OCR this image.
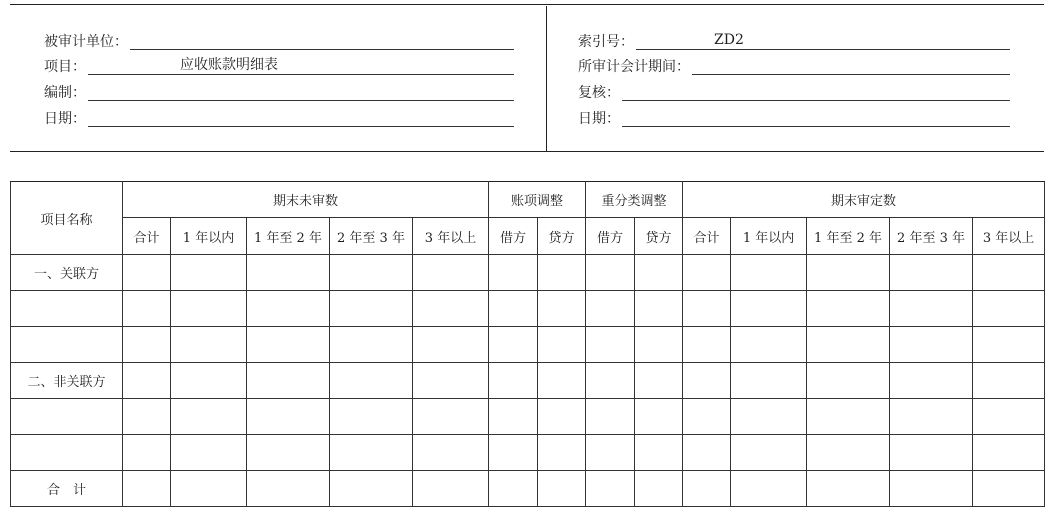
被审计单位：
项目：	应收账款明细表
编制：
日期：
索引号：	ZD2
所审计会计期间：
复核：
日期：
项目名称	期末未审数					账项调整		重分类调整		期末审定数				
	合计	1 年以内	1 年至 2 年	2 年至 3 年	3 年以上	借方	贷方	借方	贷方	合计	1 年以内	1 年至 2 年	2 年至 3 年	3 年以上
一、关联方														

二、非关联方														

合　计														
